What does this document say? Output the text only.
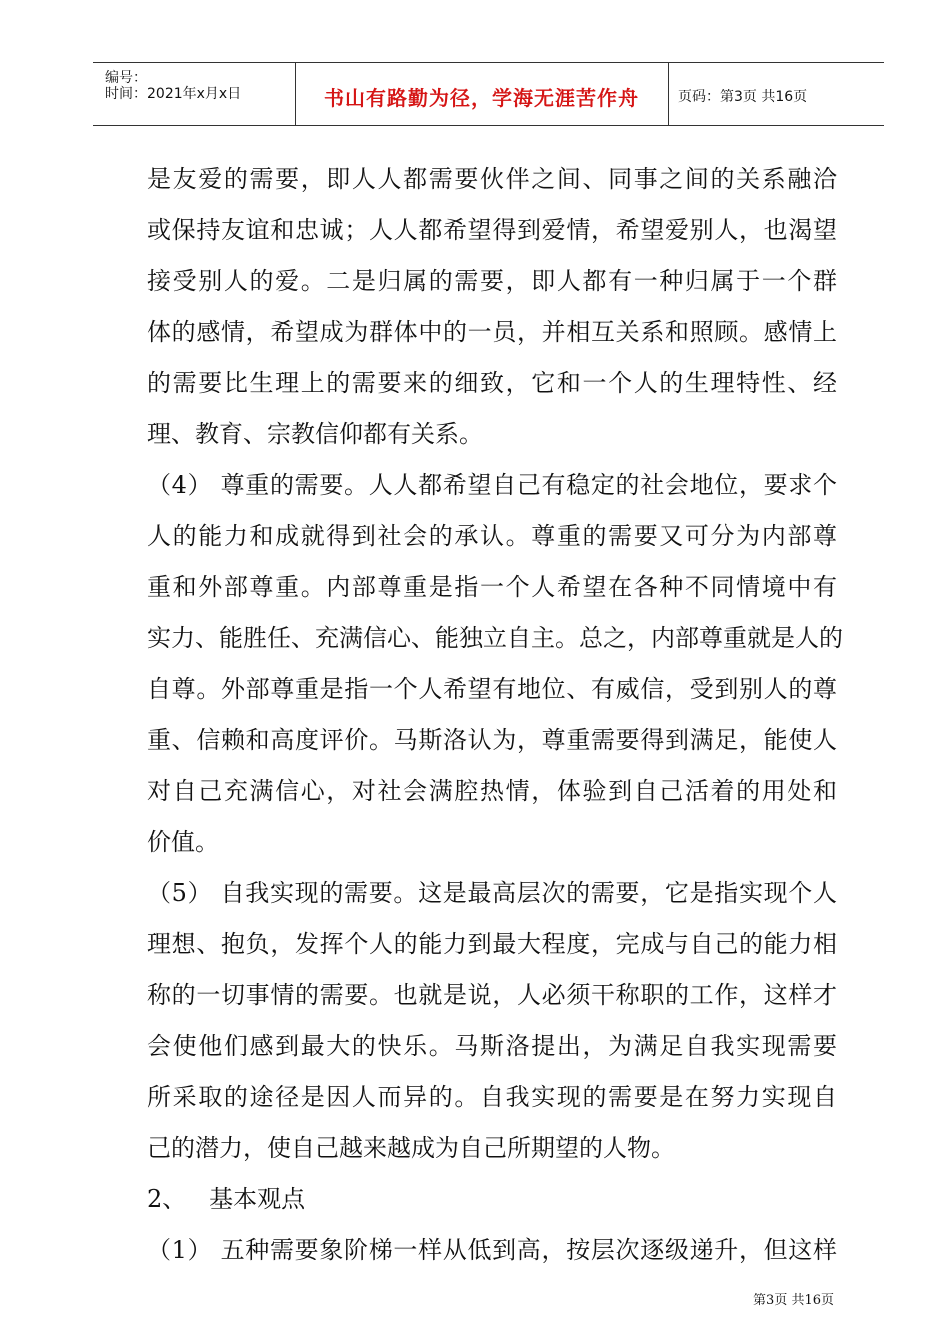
编号：
时间：2021年x月x日	书山有路勤为径，学海无涯苦作舟	页码：第3页 共16页
是友爱的需要，即人人都需要伙伴之间、同事之间的关系融洽
或保持友谊和忠诚；人人都希望得到爱情，希望爱别人，也渴望
接受别人的爱。二是归属的需要，即人都有一种归属于一个群
体的感情，希望成为群体中的一员，并相互关系和照顾。感情上
的需要比生理上的需要来的细致，它和一个人的生理特性、经
理、教育、宗教信仰都有关系。
（4） 尊重的需要。人人都希望自己有稳定的社会地位，要求个
人的能力和成就得到社会的承认。尊重的需要又可分为内部尊
重和外部尊重。内部尊重是指一个人希望在各种不同情境中有
实力、能胜任、充满信心、能独立自主。总之，内部尊重就是人的
自尊。外部尊重是指一个人希望有地位、有威信，受到别人的尊
重、信赖和高度评价。马斯洛认为，尊重需要得到满足，能使人
对自己充满信心，对社会满腔热情，体验到自己活着的用处和
价值。
（5） 自我实现的需要。这是最高层次的需要，它是指实现个人
理想、抱负，发挥个人的能力到最大程度，完成与自己的能力相
称的一切事情的需要。也就是说，人必须干称职的工作，这样才
会使他们感到最大的快乐。马斯洛提出，为满足自我实现需要
所采取的途径是因人而异的。自我实现的需要是在努力实现自
己的潜力，使自己越来越成为自己所期望的人物。
2、   基本观点
（1） 五种需要象阶梯一样从低到高，按层次逐级递升，但这样
第3页 共16页
